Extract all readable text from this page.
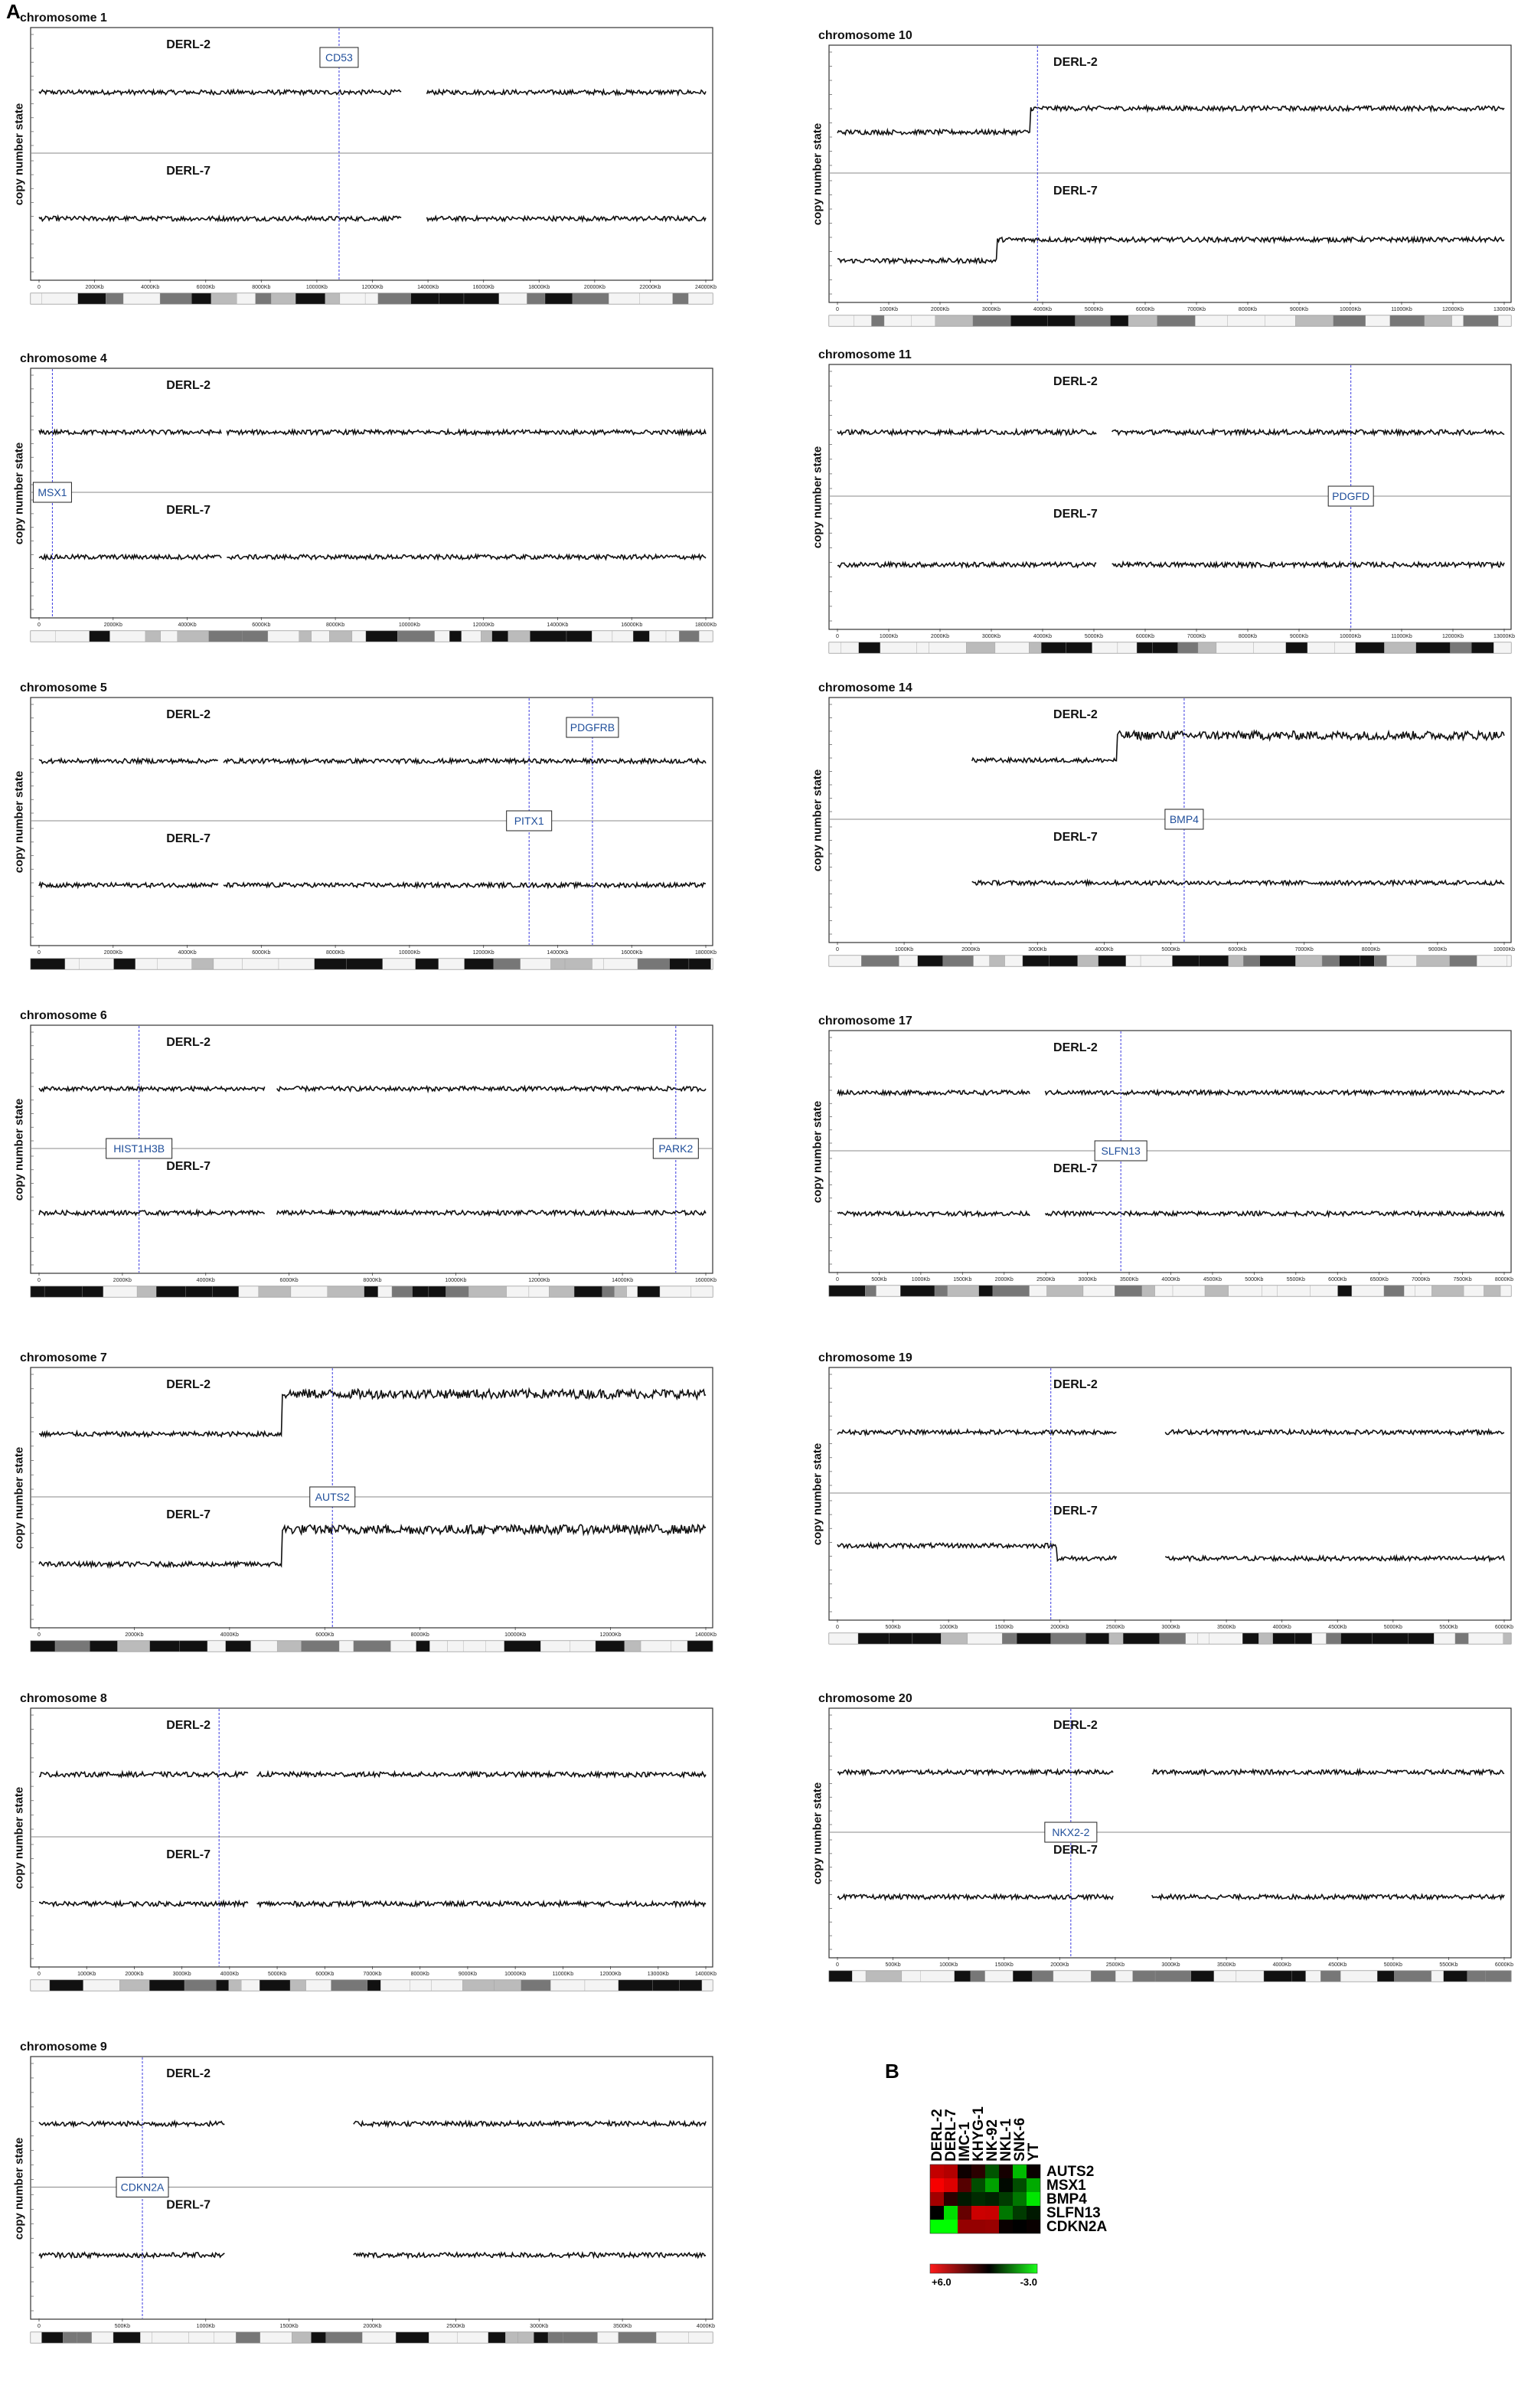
A
B
chromosome 1
copy number state
DERL-2
DERL-7
CD53
0	2000Kb	4000Kb	6000Kb	8000Kb	10000Kb	12000Kb	14000Kb	16000Kb	18000Kb	20000Kb	22000Kb	24000Kb
chromosome 10
copy number state
DERL-2
DERL-7
0	1000Kb	2000Kb	3000Kb	4000Kb	5000Kb	6000Kb	7000Kb	8000Kb	9000Kb	10000Kb	11000Kb	12000Kb	13000Kb
chromosome 4
copy number state
DERL-2
DERL-7
MSX1
0	2000Kb	4000Kb	6000Kb	8000Kb	10000Kb	12000Kb	14000Kb	16000Kb	18000Kb
chromosome 11
copy number state
DERL-2
DERL-7
PDGFD
0	1000Kb	2000Kb	3000Kb	4000Kb	5000Kb	6000Kb	7000Kb	8000Kb	9000Kb	10000Kb	11000Kb	12000Kb	13000Kb
chromosome 5
copy number state
DERL-2
DERL-7
PDGFRB
PITX1
0	2000Kb	4000Kb	6000Kb	8000Kb	10000Kb	12000Kb	14000Kb	16000Kb	18000Kb
chromosome 14
copy number state
DERL-2
DERL-7
BMP4
0	1000Kb	2000Kb	3000Kb	4000Kb	5000Kb	6000Kb	7000Kb	8000Kb	9000Kb	10000Kb
chromosome 6
copy number state
DERL-2
DERL-7
HIST1H3B	PARK2
0	2000Kb	4000Kb	6000Kb	8000Kb	10000Kb	12000Kb	14000Kb	16000Kb
chromosome 17
copy number state
DERL-2
DERL-7
SLFN13
0	500Kb	1000Kb	1500Kb	2000Kb	2500Kb	3000Kb	3500Kb	4000Kb	4500Kb	5000Kb	5500Kb	6000Kb	6500Kb	7000Kb	7500Kb	8000Kb
chromosome 7
copy number state
DERL-2
DERL-7
AUTS2
0	2000Kb	4000Kb	6000Kb	8000Kb	10000Kb	12000Kb	14000Kb
chromosome 19
copy number state
DERL-2
DERL-7
0	500Kb	1000Kb	1500Kb	2000Kb	2500Kb	3000Kb	3500Kb	4000Kb	4500Kb	5000Kb	5500Kb	6000Kb
chromosome 8
copy number state
DERL-2
DERL-7
0	1000Kb	2000Kb	3000Kb	4000Kb	5000Kb	6000Kb	7000Kb	8000Kb	9000Kb	10000Kb	11000Kb	12000Kb	13000Kb	14000Kb
chromosome 20
copy number state
DERL-2
DERL-7
NKX2-2
0	500Kb	1000Kb	1500Kb	2000Kb	2500Kb	3000Kb	3500Kb	4000Kb	4500Kb	5000Kb	5500Kb	6000Kb
chromosome 9
copy number state
DERL-2
DERL-7
CDKN2A
0	500Kb	1000Kb	1500Kb	2000Kb	2500Kb	3000Kb	3500Kb	4000Kb
DERL-2
DERL-7
IMC-1
KHYG-1
NK-92
NKL-1
SNK-6
YT
AUTS2
MSX1
BMP4
SLFN13
CDKN2A
+6.0	-3.0
